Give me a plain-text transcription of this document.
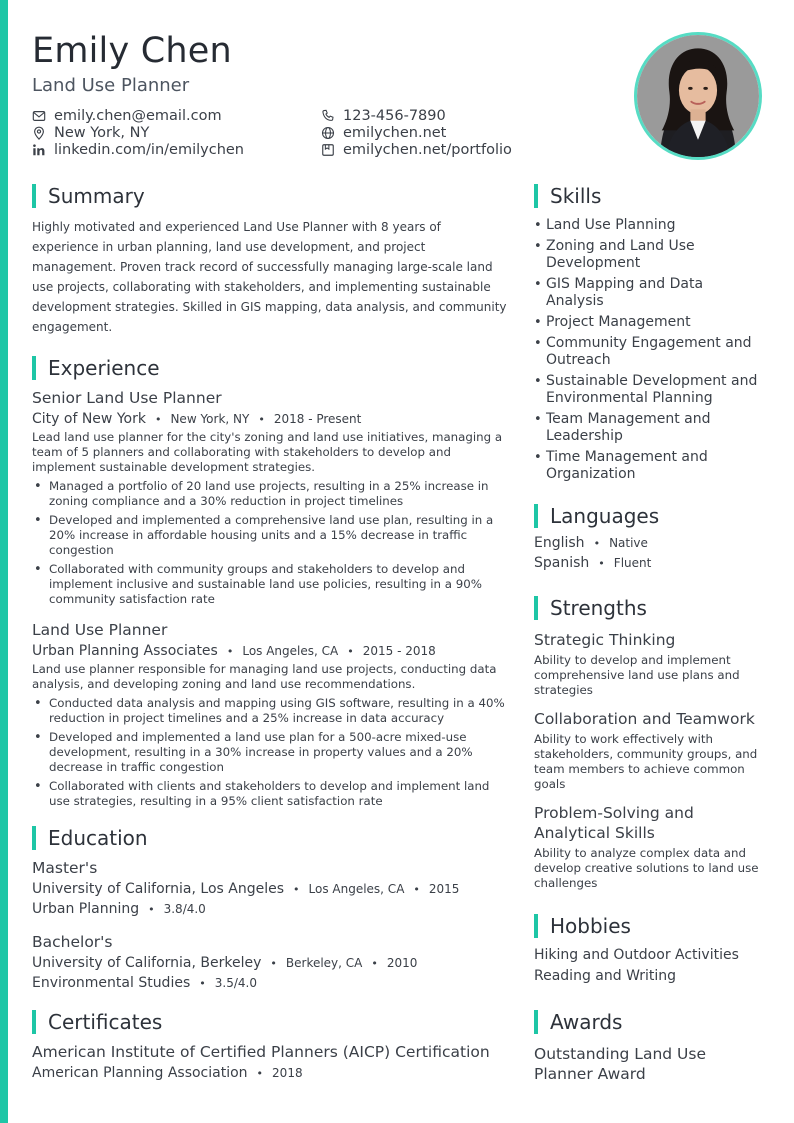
Emily Chen
Land Use Planner
emily.chen@email.com
New York, NY
linkedin.com/in/emilychen
123-456-7890
emilychen.net
emilychen.net/portfolio
Summary
Highly motivated and experienced Land Use Planner with 8 years of experience in urban planning, land use development, and project management. Proven track record of successfully managing large-scale land use projects, collaborating with stakeholders, and implementing sustainable development strategies. Skilled in GIS mapping, data analysis, and community engagement.
Experience
Senior Land Use Planner
City of New York • New York, NY • 2018 - Present
Lead land use planner for the city's zoning and land use initiatives, managing a team of 5 planners and collaborating with stakeholders to develop and implement sustainable development strategies.
• Managed a portfolio of 20 land use projects, resulting in a 25% increase in zoning compliance and a 30% reduction in project timelines
• Developed and implemented a comprehensive land use plan, resulting in a 20% increase in affordable housing units and a 15% decrease in traffic congestion
• Collaborated with community groups and stakeholders to develop and implement inclusive and sustainable land use policies, resulting in a 90% community satisfaction rate
Land Use Planner
Urban Planning Associates • Los Angeles, CA • 2015 - 2018
Land use planner responsible for managing land use projects, conducting data analysis, and developing zoning and land use recommendations.
• Conducted data analysis and mapping using GIS software, resulting in a 40% reduction in project timelines and a 25% increase in data accuracy
• Developed and implemented a land use plan for a 500-acre mixed-use development, resulting in a 30% increase in property values and a 20% decrease in traffic congestion
• Collaborated with clients and stakeholders to develop and implement land use strategies, resulting in a 95% client satisfaction rate
Education
Master's
University of California, Los Angeles • Los Angeles, CA • 2015
Urban Planning • 3.8/4.0
Bachelor's
University of California, Berkeley • Berkeley, CA • 2010
Environmental Studies • 3.5/4.0
Certificates
American Institute of Certified Planners (AICP) Certification
American Planning Association • 2018
Skills
• Land Use Planning
• Zoning and Land Use Development
• GIS Mapping and Data Analysis
• Project Management
• Community Engagement and Outreach
• Sustainable Development and Environmental Planning
• Team Management and Leadership
• Time Management and Organization
Languages
English • Native
Spanish • Fluent
Strengths
Strategic Thinking
Ability to develop and implement comprehensive land use plans and strategies
Collaboration and Teamwork
Ability to work effectively with stakeholders, community groups, and team members to achieve common goals
Problem-Solving and Analytical Skills
Ability to analyze complex data and develop creative solutions to land use challenges
Hobbies
Hiking and Outdoor Activities
Reading and Writing
Awards
Outstanding Land Use Planner Award
